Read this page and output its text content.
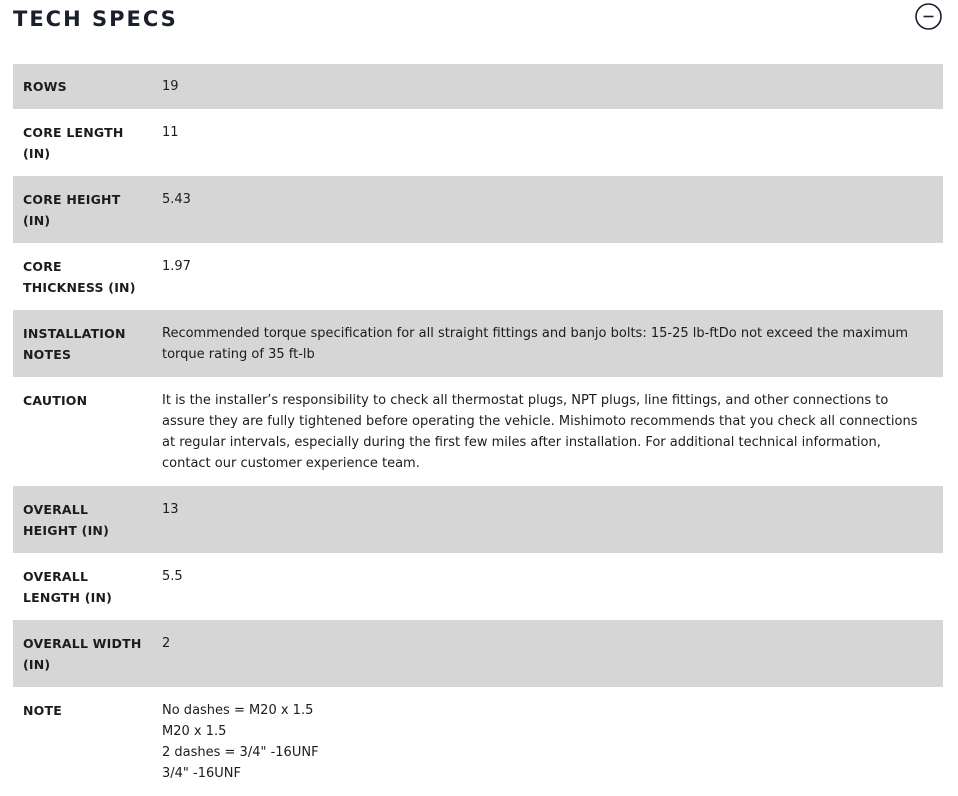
TECH SPECS
ROWS	19
CORE LENGTH (IN)	11
CORE HEIGHT (IN)	5.43
CORE THICKNESS (IN)	1.97
INSTALLATION NOTES	Recommended torque specification for all straight fittings and banjo bolts: 15-25 lb-ftDo not exceed the maximum torque rating of 35 ft-lb
CAUTION	It is the installer’s responsibility to check all thermostat plugs, NPT plugs, line fittings, and other connections to assure they are fully tightened before operating the vehicle. Mishimoto recommends that you check all connections at regular intervals, especially during the first few miles after installation. For additional technical information, contact our customer experience team.
OVERALL HEIGHT (IN)	13
OVERALL LENGTH (IN)	5.5
OVERALL WIDTH (IN)	2
NOTE	No dashes = M20 x 1.5
M20 x 1.5
2 dashes = 3/4" -16UNF
3/4" -16UNF
